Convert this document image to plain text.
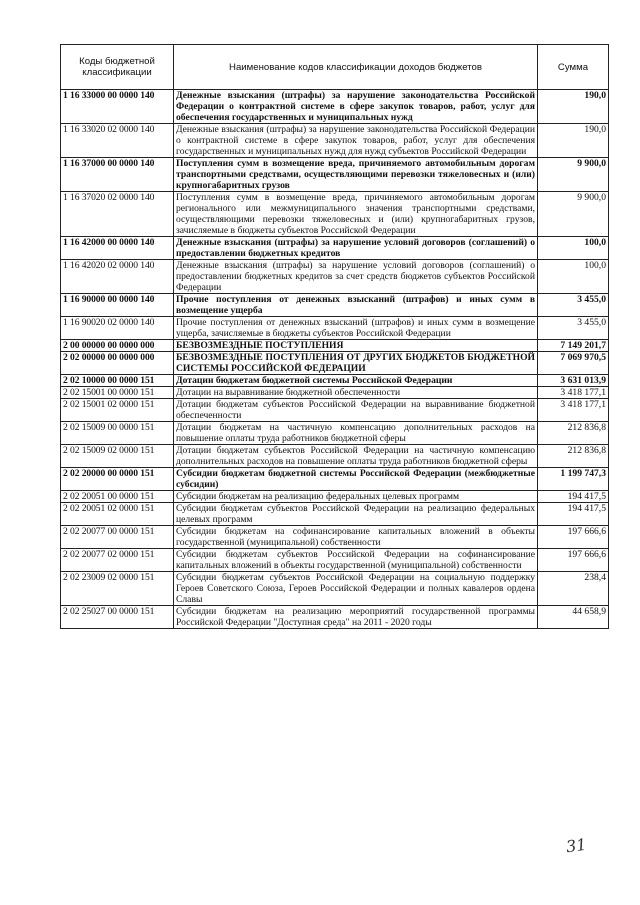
Коды бюджетной классификации	Наименование кодов классификации доходов бюджетов	Сумма
1 16 33000 00 0000 140	Денежные взыскания (штрафы) за нарушение законодательства Российской Федерации о контрактной системе в сфере закупок товаров, работ, услуг для обеспечения государственных и муниципальных нужд	190,0
1 16 33020 02 0000 140	Денежные взыскания (штрафы) за нарушение законодательства Российской Федерации о контрактной системе в сфере закупок товаров, работ, услуг для обеспечения государственных и муниципальных нужд для нужд субъектов Российской Федерации	190,0
1 16 37000 00 0000 140	Поступления сумм в возмещение вреда, причиняемого автомобильным дорогам транспортными средствами, осуществляющими перевозки тяжеловесных и (или) крупногабаритных грузов	9 900,0
1 16 37020 02 0000 140	Поступления сумм в возмещение вреда, причиняемого автомобильным дорогам регионального или межмуниципального значения транспортными средствами, осуществляющими перевозки тяжеловесных и (или) крупногабаритных грузов, зачисляемые в бюджеты субъектов Российской Федерации	9 900,0
1 16 42000 00 0000 140	Денежные взыскания (штрафы) за нарушение условий договоров (соглашений) о предоставлении бюджетных кредитов	100,0
1 16 42020 02 0000 140	Денежные взыскания (штрафы) за нарушение условий договоров (соглашений) о предоставлении бюджетных кредитов за счет средств бюджетов субъектов Российской Федерации	100,0
1 16 90000 00 0000 140	Прочие поступления от денежных взысканий (штрафов) и иных сумм в возмещение ущерба	3 455,0
1 16 90020 02 0000 140	Прочие поступления от денежных взысканий (штрафов) и иных сумм в возмещение ущерба, зачисляемые в бюджеты субъектов Российской Федерации	3 455,0
2 00 00000 00 0000 000	БЕЗВОЗМЕЗДНЫЕ ПОСТУПЛЕНИЯ	7 149 201,7
2 02 00000 00 0000 000	БЕЗВОЗМЕЗДНЫЕ ПОСТУПЛЕНИЯ ОТ ДРУГИХ БЮДЖЕТОВ БЮДЖЕТНОЙ СИСТЕМЫ РОССИЙСКОЙ ФЕДЕРАЦИИ	7 069 970,5
2 02 10000 00 0000 151	Дотации бюджетам бюджетной системы Российской Федерации	3 631 013,9
2 02 15001 00 0000 151	Дотации на выравнивание бюджетной обеспеченности	3 418 177,1
2 02 15001 02 0000 151	Дотации бюджетам субъектов Российской Федерации на выравнивание бюджетной обеспеченности	3 418 177,1
2 02 15009 00 0000 151	Дотации бюджетам на частичную компенсацию дополнительных расходов на повышение оплаты труда работников бюджетной сферы	212 836,8
2 02 15009 02 0000 151	Дотации бюджетам субъектов Российской Федерации на частичную компенсацию дополнительных расходов на повышение оплаты труда работников бюджетной сферы	212 836,8
2 02 20000 00 0000 151	Субсидии бюджетам бюджетной системы Российской Федерации (межбюджетные субсидии)	1 199 747,3
2 02 20051 00 0000 151	Субсидии бюджетам на реализацию федеральных целевых программ	194 417,5
2 02 20051 02 0000 151	Субсидии бюджетам субъектов Российской Федерации на реализацию федеральных целевых программ	194 417,5
2 02 20077 00 0000 151	Субсидии бюджетам на софинансирование капитальных вложений в объекты государственной (муниципальной) собственности	197 666,6
2 02 20077 02 0000 151	Субсидии бюджетам субъектов Российской Федерации на софинансирование капитальных вложений в объекты государственной (муниципальной) собственности	197 666,6
2 02 23009 02 0000 151	Субсидии бюджетам субъектов Российской Федерации на социальную поддержку Героев Советского Союза, Героев Российской Федерации и полных кавалеров ордена Славы	238,4
2 02 25027 00 0000 151	Субсидии бюджетам на реализацию мероприятий государственной программы Российской Федерации "Доступная среда" на 2011 - 2020 годы	44 658,9
31
